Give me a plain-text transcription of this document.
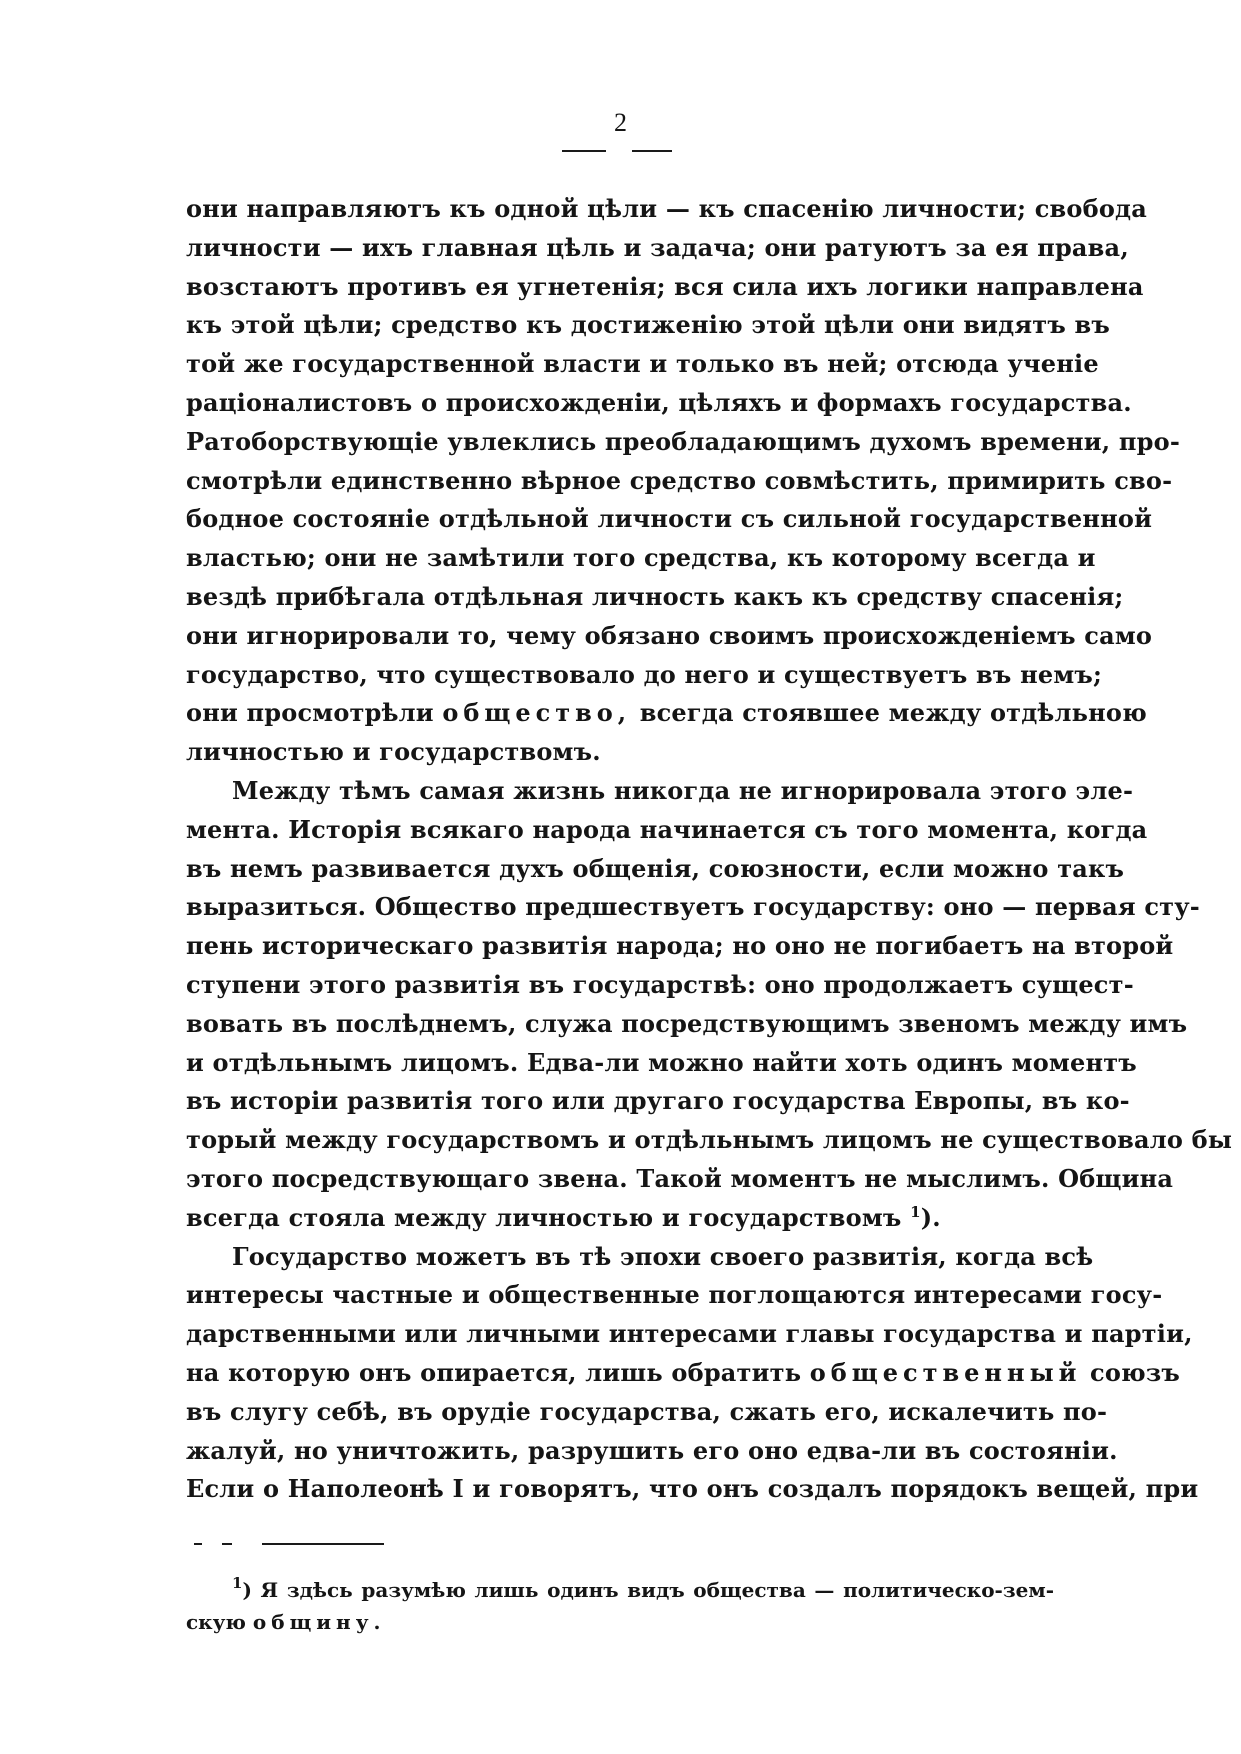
2
они направляютъ къ одной цѣли — къ спасенію личности; свобода
личности — ихъ главная цѣль и задача; они ратуютъ за ея права,
возстаютъ противъ ея угнетенія; вся сила ихъ логики направлена
къ этой цѣли; средство къ достиженію этой цѣли они видятъ въ
той же государственной власти и только въ ней; отсюда ученіе
раціоналистовъ о происхожденіи, цѣляхъ и формахъ государства.
Ратоборствующіе увлеклись преобладающимъ духомъ времени, про-
смотрѣли единственно вѣрное средство совмѣстить, примирить сво-
бодное состояніе отдѣльной личности съ сильной государственной
властью; они не замѣтили того средства, къ которому всегда и
вездѣ прибѣгала отдѣльная личность какъ къ средству спасенія;
они игнорировали то, чему обязано своимъ происхожденіемъ само
государство, что существовало до него и существуетъ въ немъ;
они просмотрѣли общество, всегда стоявшее между отдѣльною
личностью и государствомъ.
Между тѣмъ самая жизнь никогда не игнорировала этого эле-
мента. Исторія всякаго народа начинается съ того момента, когда
въ немъ развивается духъ общенія, союзности, если можно такъ
выразиться. Общество предшествуетъ государству: оно — первая сту-
пень историческаго развитія народа; но оно не погибаетъ на второй
ступени этого развитія въ государствѣ: оно продолжаетъ сущест-
вовать въ послѣднемъ, служа посредствующимъ звеномъ между имъ
и отдѣльнымъ лицомъ. Едва-ли можно найти хоть одинъ моментъ
въ исторіи развитія того или другаго государства Европы, въ ко-
торый между государствомъ и отдѣльнымъ лицомъ не существовало бы
этого посредствующаго звена. Такой моментъ не мыслимъ. Община
всегда стояла между личностью и государствомъ $^1$).
Государство можетъ въ тѣ эпохи своего развитія, когда всѣ
интересы частные и общественные поглощаются интересами госу-
дарственными или личными интересами главы государства и партіи,
на которую онъ опирается, лишь обратить общественный союзъ
въ слугу себѣ, въ орудіе государства, сжать его, искалечить по-
жалуй, но уничтожить, разрушить его оно едва-ли въ состояніи.
Если о Наполеонѣ I и говорятъ, что онъ создалъ порядокъ вещей, при
$^1$) Я здѣсь разумѣю лишь одинъ видъ общества — политическо-зем-
скую общину.
